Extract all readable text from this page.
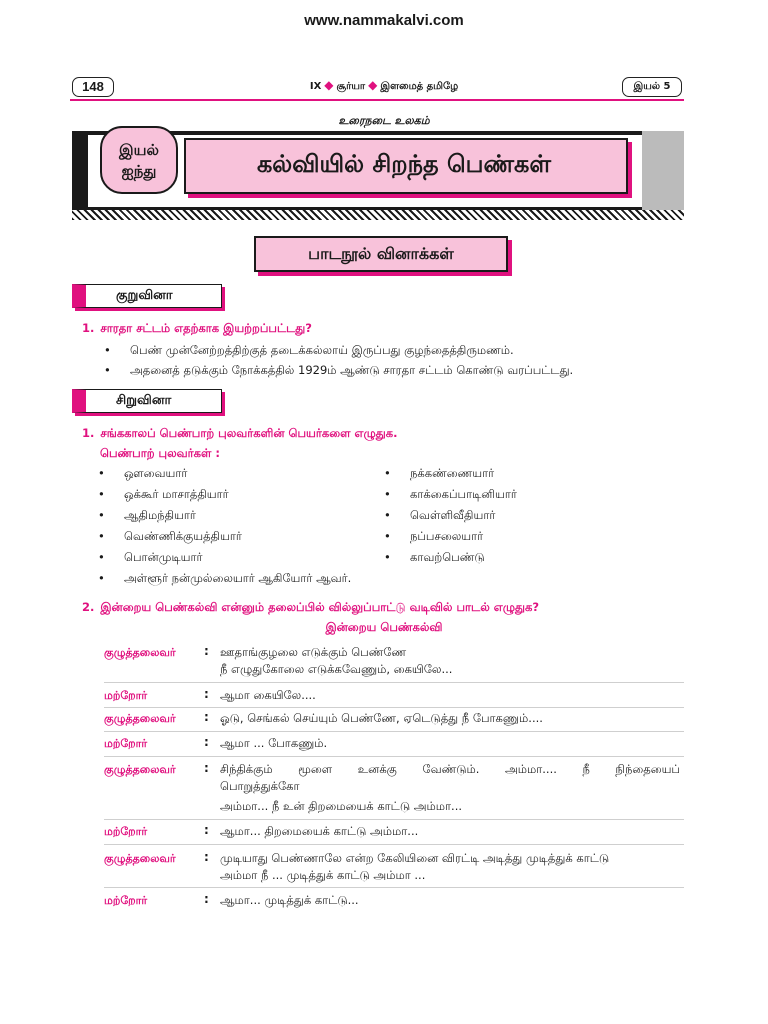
www.nammakalvi.com
148	IX ◆ சூர்யா ◆ இளமைத் தமிழே	இயல் 5
உரைநடை உலகம்
கல்வியில் சிறந்த பெண்கள்
இயல்
ஐந்து
பாடநூல் வினாக்கள்
குறுவினா
1. சாரதா சட்டம் எதற்காக இயற்றப்பட்டது?
• பெண் முன்னேற்றத்திற்குத் தடைக்கல்லாய் இருப்பது குழந்தைத்திருமணம்.
• அதனைத் தடுக்கும் நோக்கத்தில் 1929ம் ஆண்டு சாரதா சட்டம் கொண்டு வரப்பட்டது.
சிறுவினா
1. சங்ககாலப் பெண்பாற் புலவர்களின் பெயர்களை எழுதுக.
பெண்பாற் புலவர்கள் :
• ஔவையார்
• ஒக்கூர் மாசாத்தியார்
• ஆதிமந்தியார்
• வெண்ணிக்குயத்தியார்
• பொன்முடியார்
• நக்கண்ணையார்
• காக்கைப்பாடினியார்
• வெள்ளிவீதியார்
• நப்பசலையார்
• காவற்பெண்டு
• அள்ளூர் நன்முல்லையார் ஆகியோர் ஆவர்.
2. இன்றைய பெண்கல்வி என்னும் தலைப்பில் வில்லுப்பாட்டு வடிவில் பாடல் எழுதுக?
இன்றைய பெண்கல்வி
குழுத்தலைவர் : ஊதாங்குழலை எடுக்கும் பெண்ணே
நீ எழுதுகோலை எடுக்கவேணும், கையிலே...
மற்றோர்	: ஆமா கையிலே....
குழுத்தலைவர் : ஓடு, செங்கல் செய்யும் பெண்ணே, ஏடெடுத்து நீ போகணும்....
மற்றோர்	: ஆமா ... போகணும்.
குழுத்தலைவர் : சிந்திக்கும் மூளை உனக்கு வேண்டும். அம்மா.... நீ நிந்தையைப்
பொறுத்துக்கோ
அம்மா... நீ உன் திறமையைக் காட்டு அம்மா...
மற்றோர்	: ஆமா... திறமையைக் காட்டு அம்மா...
குழுத்தலைவர் : முடியாது பெண்ணாலே என்ற கேலியினை விரட்டி அடித்து முடித்துக் காட்டு
அம்மா நீ ... முடித்துக் காட்டு அம்மா ...
மற்றோர்	: ஆமா... முடித்துக் காட்டு...
